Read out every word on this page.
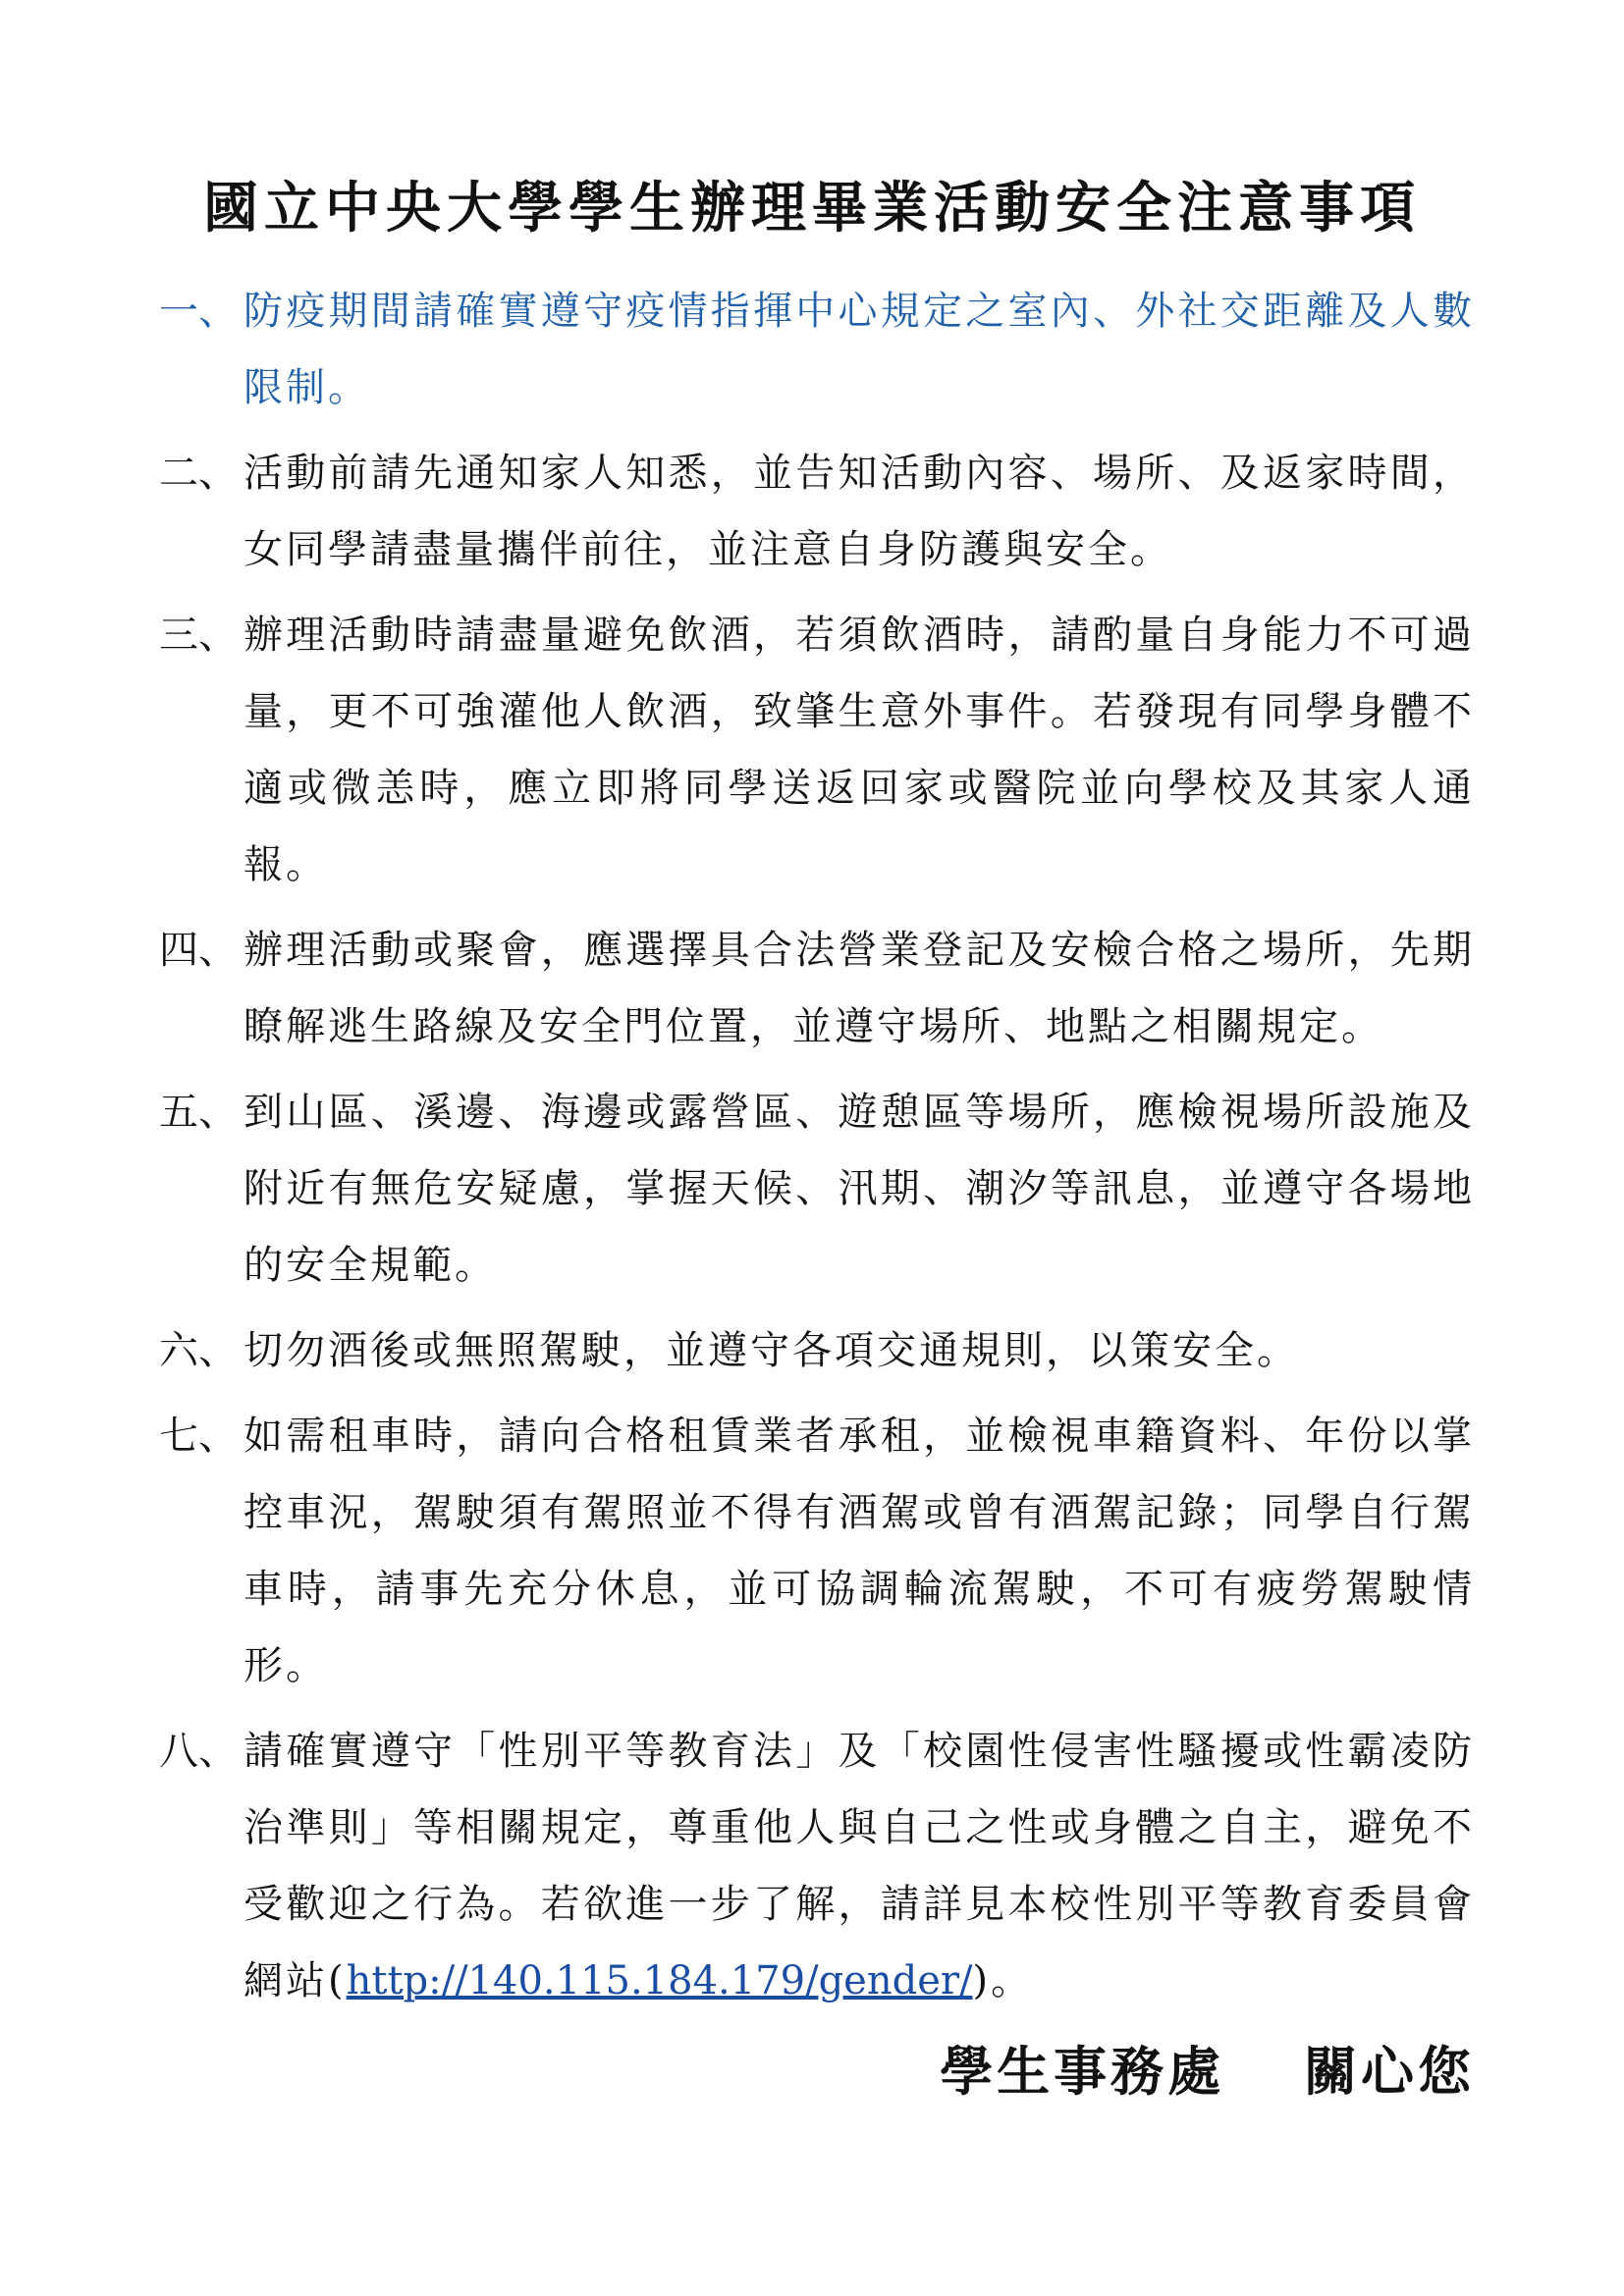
國立中央大學學生辦理畢業活動安全注意事項
一、 防疫期間請確實遵守疫情指揮中心規定之室內、外社交距離及人數限制。
二、 活動前請先通知家人知悉，並告知活動內容、場所、及返家時間，女同學請盡量攜伴前往，並注意自身防護與安全。
三、 辦理活動時請盡量避免飲酒，若須飲酒時，請酌量自身能力不可過量，更不可強灌他人飲酒，致肇生意外事件。若發現有同學身體不適或微恙時，應立即將同學送返回家或醫院並向學校及其家人通報。
四、 辦理活動或聚會，應選擇具合法營業登記及安檢合格之場所，先期瞭解逃生路線及安全門位置，並遵守場所、地點之相關規定。
五、 到山區、溪邊、海邊或露營區、遊憩區等場所，應檢視場所設施及附近有無危安疑慮，掌握天候、汛期、潮汐等訊息，並遵守各場地的安全規範。
六、 切勿酒後或無照駕駛，並遵守各項交通規則，以策安全。
七、 如需租車時，請向合格租賃業者承租，並檢視車籍資料、年份以掌控車況，駕駛須有駕照並不得有酒駕或曾有酒駕記錄；同學自行駕車時，請事先充分休息，並可協調輪流駕駛，不可有疲勞駕駛情形。
八、 請確實遵守「性別平等教育法」及「校園性侵害性騷擾或性霸凌防治準則」等相關規定，尊重他人與自己之性或身體之自主，避免不受歡迎之行為。若欲進一步了解，請詳見本校性別平等教育委員會網站(http://140.115.184.179/gender/)。
學生事務處　 關心您
